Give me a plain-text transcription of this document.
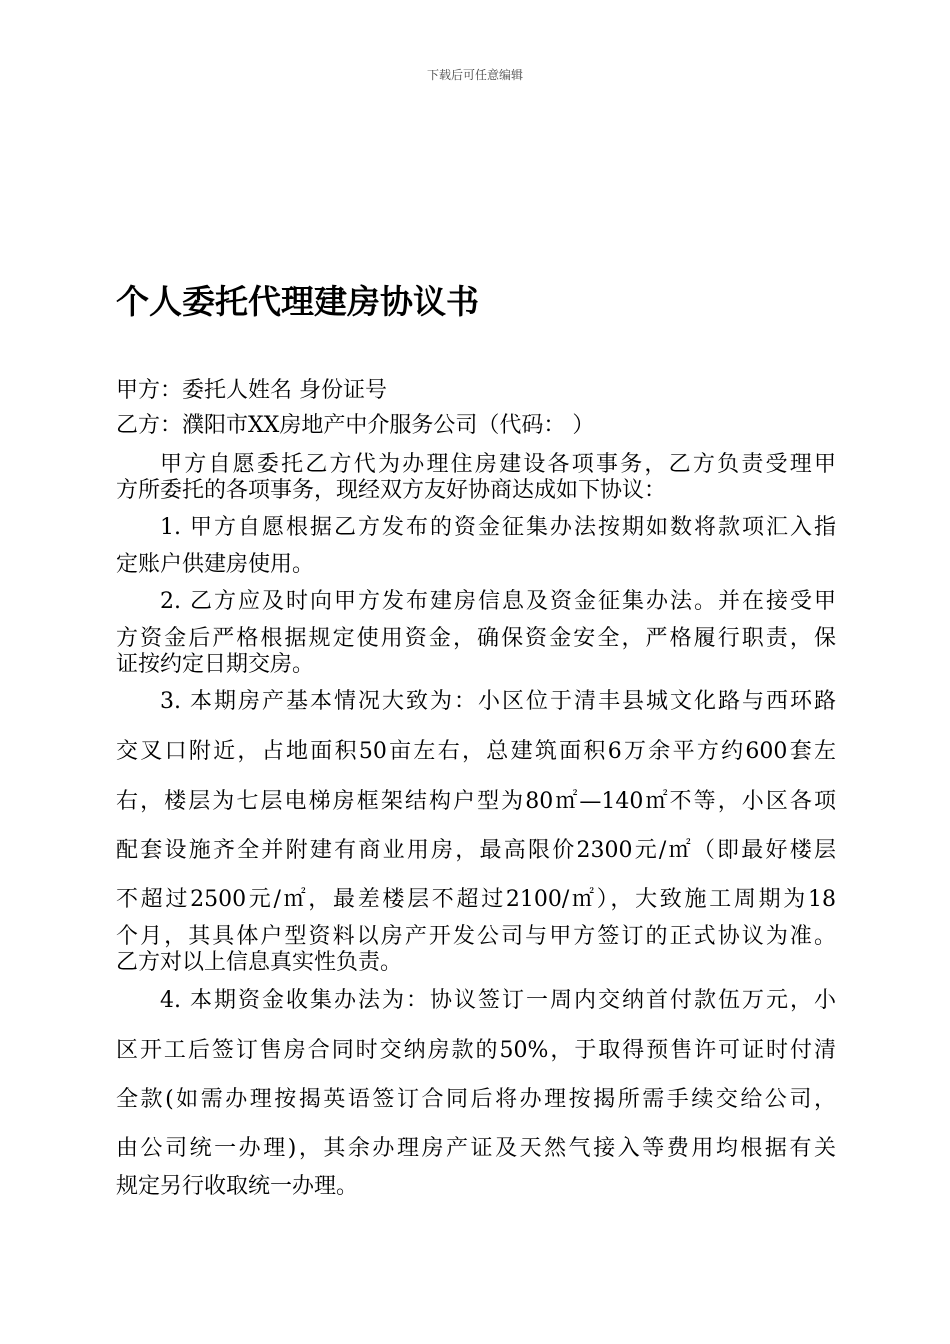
下载后可任意编辑
个人委托代理建房协议书
甲方：委托人姓名 身份证号
乙方：濮阳市XX房地产中介服务公司（代码： ）
甲方自愿委托乙方代为办理住房建设各项事务，乙方负责受理甲
方所委托的各项事务，现经双方友好协商达成如下协议：
1. 甲方自愿根据乙方发布的资金征集办法按期如数将款项汇入指
定账户供建房使用。
2. 乙方应及时向甲方发布建房信息及资金征集办法。并在接受甲
方资金后严格根据规定使用资金，确保资金安全，严格履行职责，保
证按约定日期交房。
3. 本期房产基本情况大致为：小区位于清丰县城文化路与西环路
交叉口附近，占地面积50亩左右，总建筑面积6万余平方约600套左
右，楼层为七层电梯房框架结构户型为80㎡—140㎡不等，小区各项
配套设施齐全并附建有商业用房，最高限价2300元/㎡（即最好楼层
不超过2500元/㎡，最差楼层不超过2100/㎡），大致施工周期为18
个月，其具体户型资料以房产开发公司与甲方签订的正式协议为准。
乙方对以上信息真实性负责。
4. 本期资金收集办法为：协议签订一周内交纳首付款伍万元，小
区开工后签订售房合同时交纳房款的50%，于取得预售许可证时付清
全款(如需办理按揭英语签订合同后将办理按揭所需手续交给公司，
由公司统一办理)，其余办理房产证及天然气接入等费用均根据有关
规定另行收取统一办理。
